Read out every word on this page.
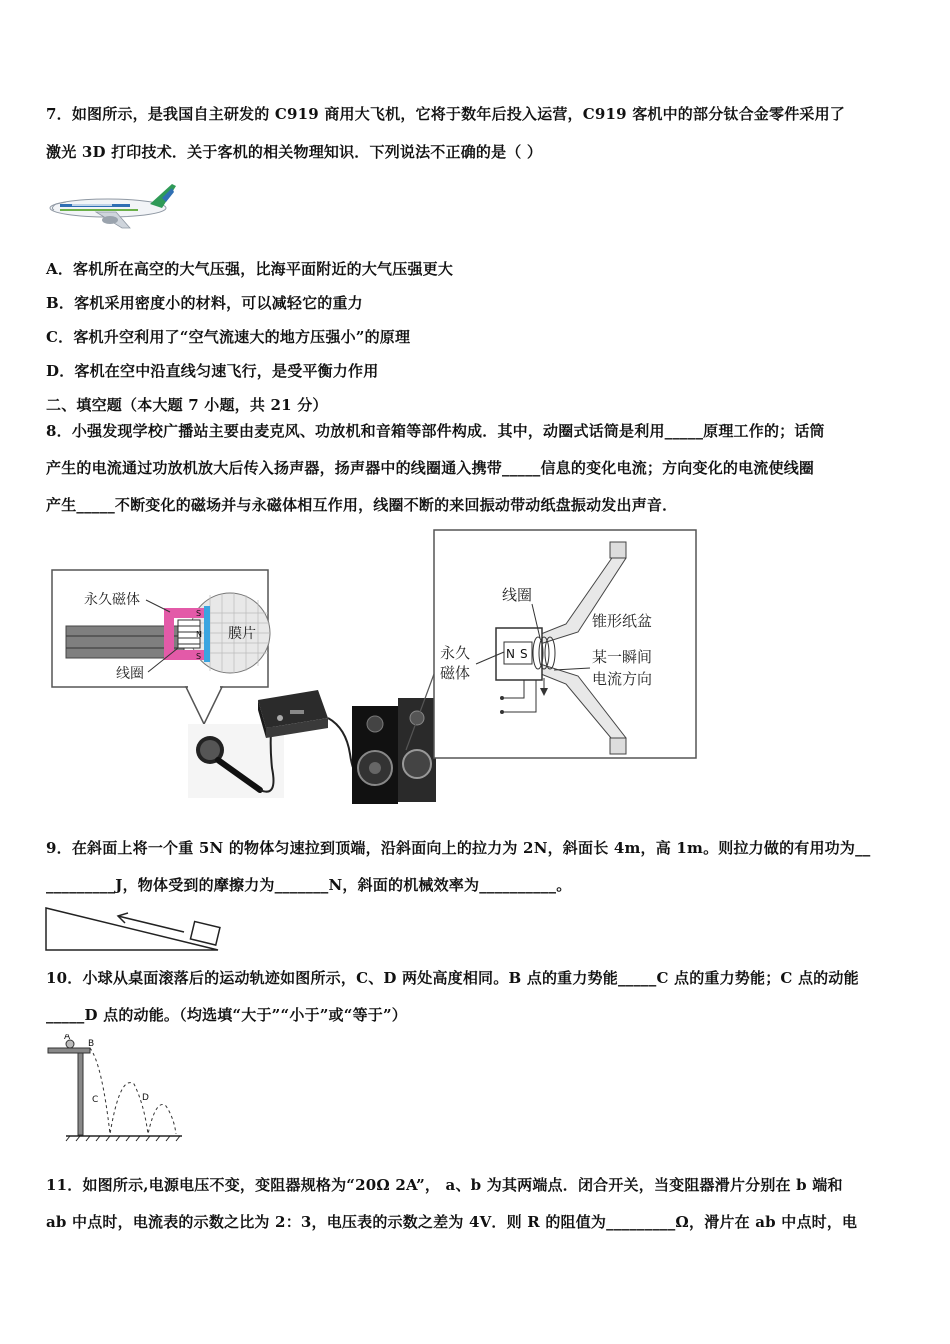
7．如图所示，是我国自主研发的 C919 商用大飞机，它将于数年后投入运营，C919 客机中的部分钛合金零件采用了
激光 3D 打印技术．关于客机的相关物理知识．下列说法不正确的是（ ）
A．客机所在高空的大气压强，比海平面附近的大气压强更大
B．客机采用密度小的材料，可以减轻它的重力
C．客机升空利用了“空气流速大的地方压强小”的原理
D．客机在空中沿直线匀速飞行，是受平衡力作用
二、填空题（本大题 7 小题，共 21 分）
8．小强发现学校广播站主要由麦克风、功放机和音箱等部件构成．其中，动圈式话筒是利用_____原理工作的；话筒
产生的电流通过功放机放大后传入扬声器，扬声器中的线圈通入携带_____信息的变化电流；方向变化的电流使线圈
产生_____不断变化的磁场并与永磁体相互作用，线圈不断的来回振动带动纸盘振动发出声音．
S
N
S
永久磁体
膜片
线圈
N S
线圈
锥形纸盆
永久
磁体
某一瞬间
电流方向
9．在斜面上将一个重 5N 的物体匀速拉到顶端，沿斜面向上的拉力为 2N，斜面长 4m，高 1m。则拉力做的有用功为__
_________J，物体受到的摩擦力为_______N，斜面的机械效率为__________。
10．小球从桌面滚落后的运动轨迹如图所示，C、D 两处高度相同。B 点的重力势能_____C 点的重力势能；C 点的动能
_____D 点的动能。（均选填“大于”“小于”或“等于”）
A
B
C	D
11．如图所示,电源电压不变，变阻器规格为“20Ω 2A”， a、b 为其两端点．闭合开关，当变阻器滑片分别在 b 端和
ab 中点时，电流表的示数之比为 2：3，电压表的示数之差为 4V．则 R 的阻值为_________Ω，滑片在 ab 中点时，电
